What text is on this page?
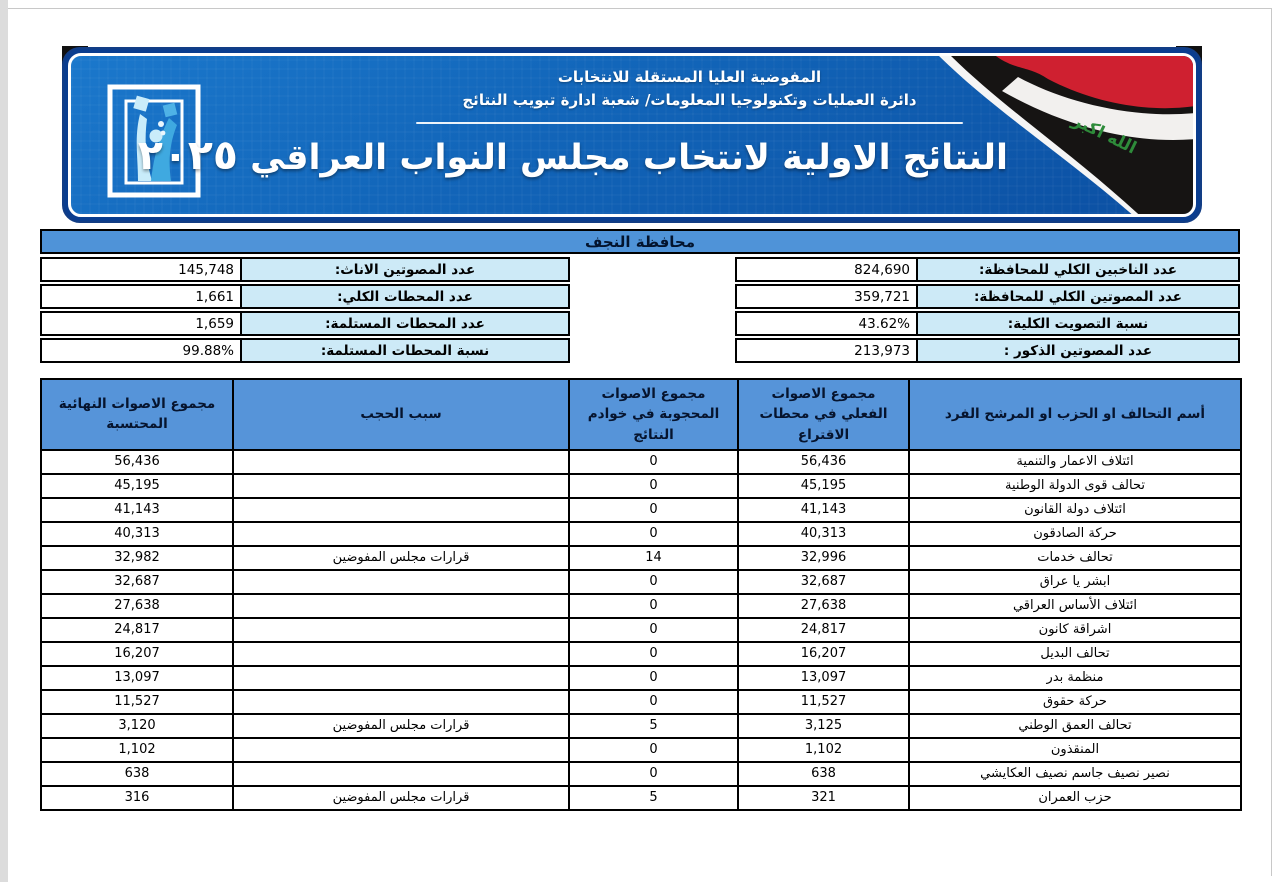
الله اكبر
المفوضية العليا المستقلة للانتخابات
دائرة العمليات وتكنولوجيا المعلومات/ شعبة ادارة تبويب النتائج
النتائج الاولية لانتخاب مجلس النواب العراقي ٢٠٢٥
محافظة النجف
عدد الناخبين الكلي للمحافظة:
824,690
عدد المصوتين الكلي للمحافظة:
359,721
نسبة التصويت الكلية:
43.62%
عدد المصوتين الذكور :
213,973
عدد المصوتين الاناث:
145,748
عدد المحطات الكلي:
1,661
عدد المحطات المستلمة:
1,659
نسبة المحطات المستلمة:
99.88%
أسم التحالف او الحزب او المرشح الفرد	مجموع الاصوات الفعلي في محطات الاقتراع	مجموع الاصوات المحجوبة في خوادم النتائج	سبب الحجب	مجموع الاصوات النهائية المحتسبة
ائتلاف الاعمار والتنمية	56,436	0		56,436
تحالف قوى الدولة الوطنية	45,195	0		45,195
ائتلاف دولة القانون	41,143	0		41,143
حركة الصادقون	40,313	0		40,313
تحالف خدمات	32,996	14	قرارات مجلس المفوضين	32,982
ابشر يا عراق	32,687	0		32,687
ائتلاف الأساس العراقي	27,638	0		27,638
اشراقة كانون	24,817	0		24,817
تحالف البديل	16,207	0		16,207
منظمة بدر	13,097	0		13,097
حركة حقوق	11,527	0		11,527
تحالف العمق الوطني	3,125	5	قرارات مجلس المفوضين	3,120
المنقذون	1,102	0		1,102
نصير نصيف جاسم نصيف العكايشي	638	0		638
حزب العمران	321	5	قرارات مجلس المفوضين	316
